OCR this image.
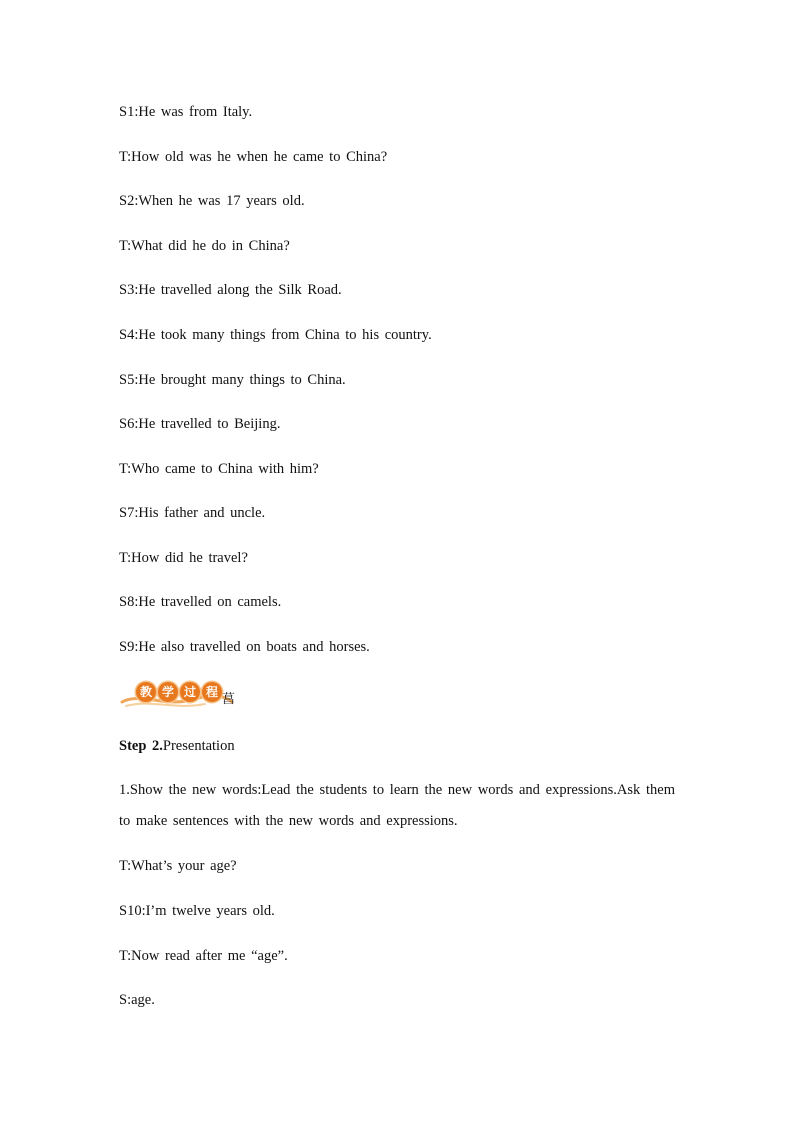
S1:He was from Italy.
T:How old was he when he came to China?
S2:When he was 17 years old.
T:What did he do in China?
S3:He travelled along the Silk Road.
S4:He took many things from China to his country.
S5:He brought many things to China.
S6:He travelled to Beijing.
T:Who came to China with him?
S7:His father and uncle.
T:How did he travel?
S8:He travelled on camels.
S9:He also travelled on boats and horses.
教 学 过 程 菖
Step 2.Presentation
1.Show the new words:Lead the students to learn the new words and expressions.Ask them to make sentences with the new words and expressions.
T:What’s your age?
S10:I’m twelve years old.
T:Now read after me “age”.
S:age.
